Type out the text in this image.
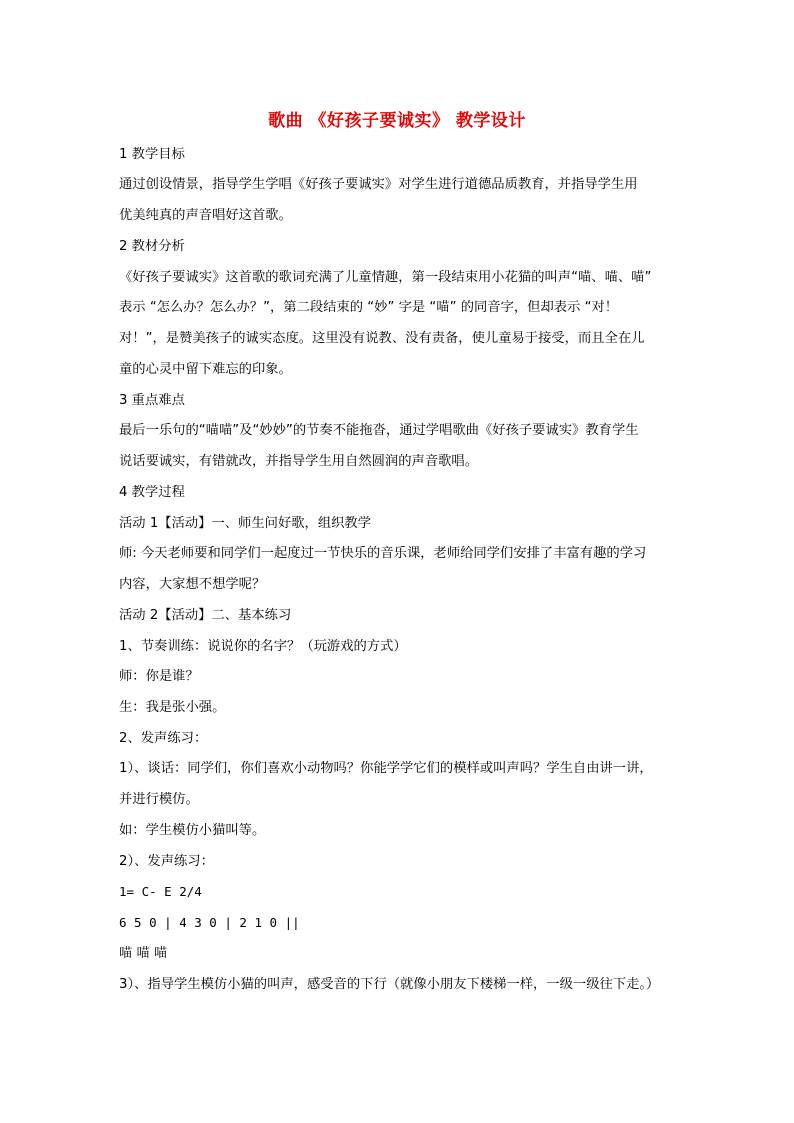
歌曲 《好孩子要诚实》 教学设计
1 教学目标
通过创设情景，指导学生学唱《好孩子要诚实》对学生进行道德品质教育，并指导学生用
优美纯真的声音唱好这首歌。
2 教材分析
《好孩子要诚实》这首歌的歌词充满了儿童情趣，第一段结束用小花猫的叫声“喵、喵、喵”
表示 “怎么办？怎么办？”，第二段结束的 “妙” 字是 “喵” 的同音字，但却表示 “对！
对！”，是赞美孩子的诚实态度。这里没有说教、没有责备，使儿童易于接受，而且全在儿
童的心灵中留下难忘的印象。
3 重点难点
最后一乐句的“喵喵”及“妙妙”的节奏不能拖沓，通过学唱歌曲《好孩子要诚实》教育学生
说话要诚实，有错就改，并指导学生用自然圆润的声音歌唱。
4 教学过程
活动 1【活动】一、师生问好歌，组织教学
师: 今天老师要和同学们一起度过一节快乐的音乐课，老师给同学们安排了丰富有趣的学习
内容，大家想不想学呢？
活动 2【活动】二、基本练习
1、节奏训练：说说你的名字？（玩游戏的方式）
师：你是谁？
生：我是张小强。
2、发声练习：
1）、谈话：同学们，你们喜欢小动物吗？你能学学它们的模样或叫声吗？学生自由讲一讲，
并进行模仿。
如：学生模仿小猫叫等。
2）、发声练习：
1= C- E 2/4
6 5 0 | 4 3 0 | 2 1 0 ||
喵 喵 喵
3）、指导学生模仿小猫的叫声，感受音的下行（就像小朋友下楼梯一样，一级一级往下走。）
